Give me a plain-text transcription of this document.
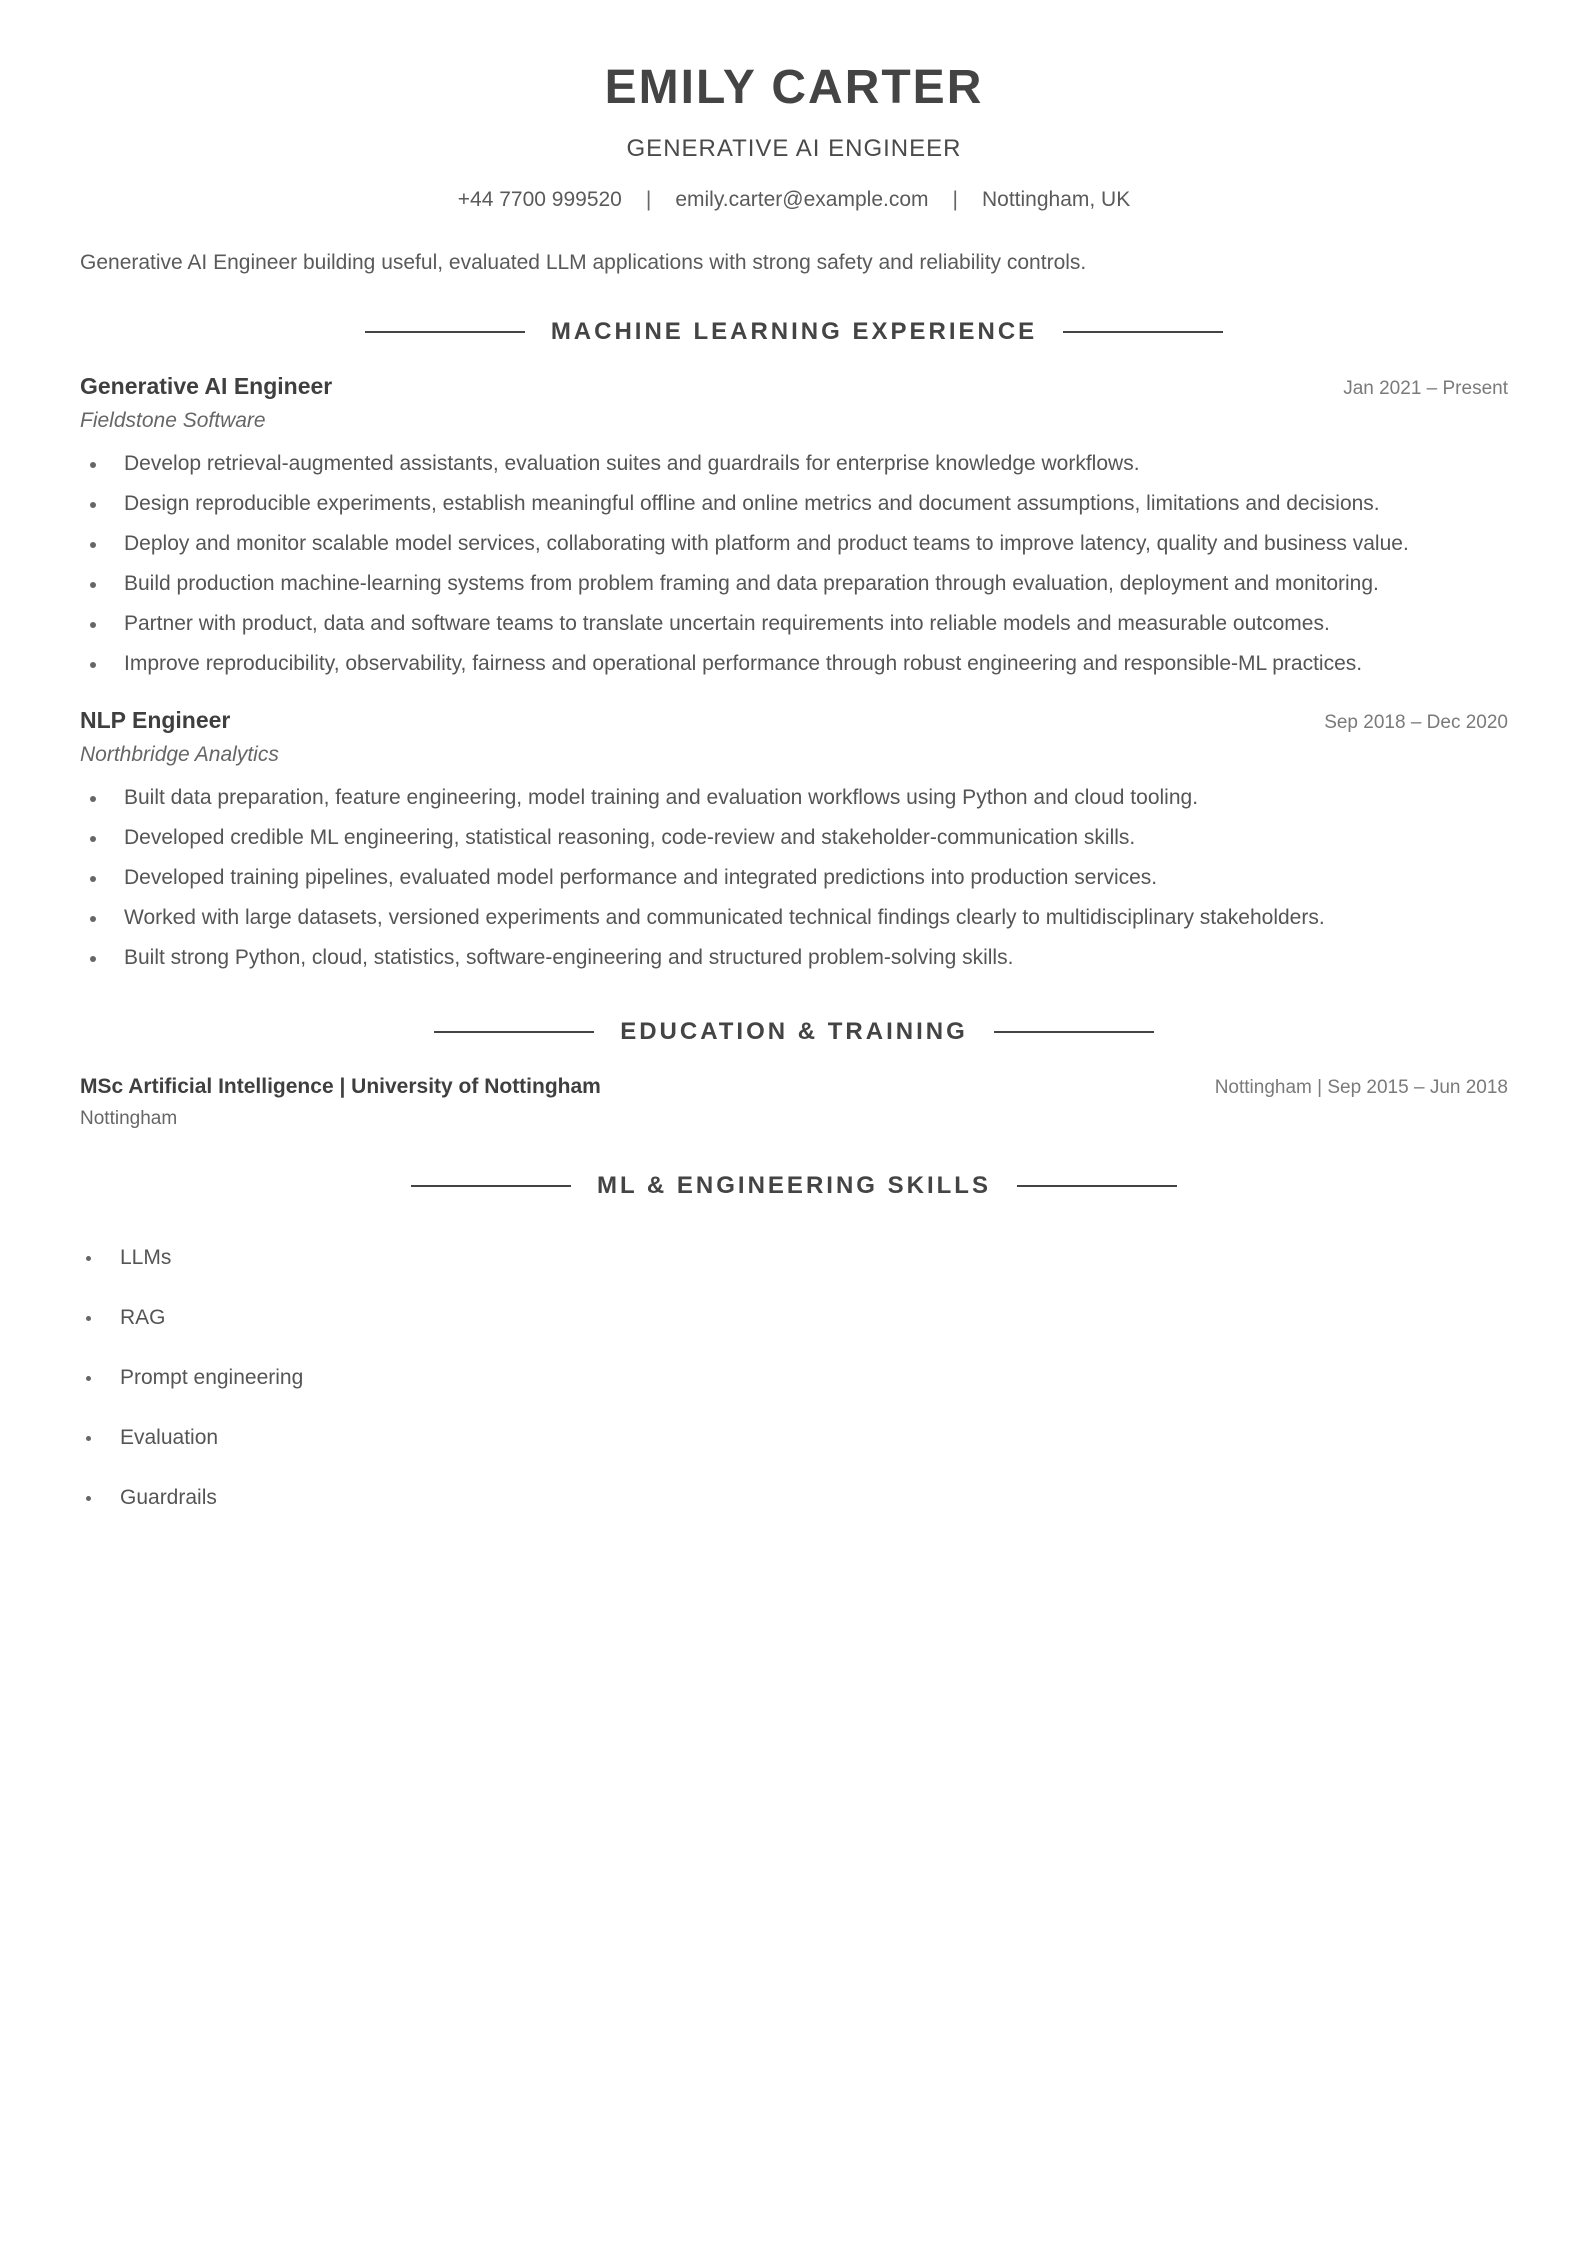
EMILY CARTER
GENERATIVE AI ENGINEER
+44 7700 999520 | emily.carter@example.com | Nottingham, UK
Generative AI Engineer building useful, evaluated LLM applications with strong safety and reliability controls.
MACHINE LEARNING EXPERIENCE
Generative AI Engineer	Jan 2021 – Present
Fieldstone Software
Develop retrieval-augmented assistants, evaluation suites and guardrails for enterprise knowledge workflows.
Design reproducible experiments, establish meaningful offline and online metrics and document assumptions, limitations and decisions.
Deploy and monitor scalable model services, collaborating with platform and product teams to improve latency, quality and business value.
Build production machine-learning systems from problem framing and data preparation through evaluation, deployment and monitoring.
Partner with product, data and software teams to translate uncertain requirements into reliable models and measurable outcomes.
Improve reproducibility, observability, fairness and operational performance through robust engineering and responsible-ML practices.
NLP Engineer	Sep 2018 – Dec 2020
Northbridge Analytics
Built data preparation, feature engineering, model training and evaluation workflows using Python and cloud tooling.
Developed credible ML engineering, statistical reasoning, code-review and stakeholder-communication skills.
Developed training pipelines, evaluated model performance and integrated predictions into production services.
Worked with large datasets, versioned experiments and communicated technical findings clearly to multidisciplinary stakeholders.
Built strong Python, cloud, statistics, software-engineering and structured problem-solving skills.
EDUCATION & TRAINING
MSc Artificial Intelligence | University of Nottingham	Nottingham | Sep 2015 – Jun 2018
Nottingham
ML & ENGINEERING SKILLS
LLMs
RAG
Prompt engineering
Evaluation
Guardrails
